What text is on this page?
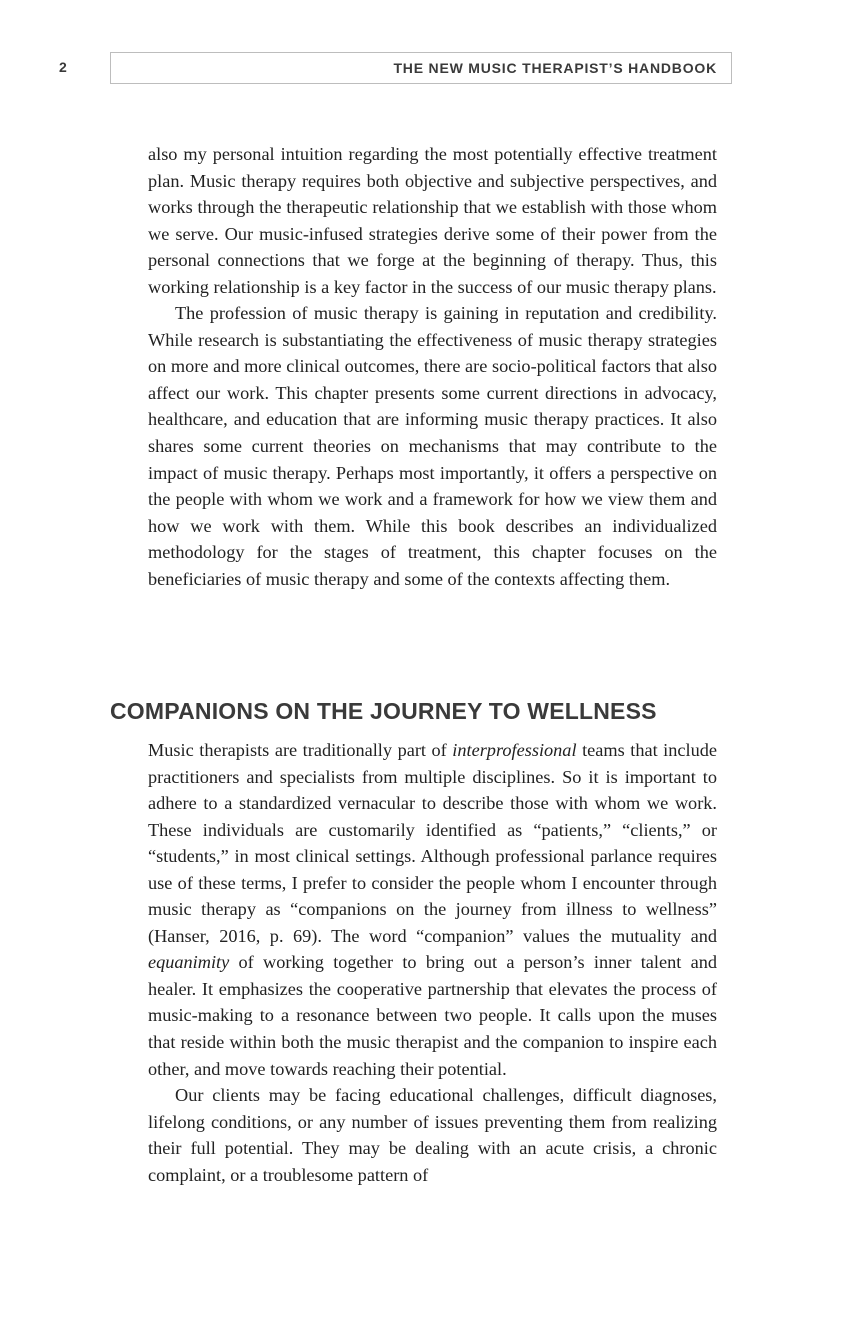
2	THE NEW MUSIC THERAPIST’S HANDBOOK

also my personal intuition regarding the most potentially effective treatment plan. Music therapy requires both objective and subjective perspectives, and works through the therapeutic relationship that we establish with those whom we serve. Our music-infused strategies derive some of their power from the personal connections that we forge at the beginning of therapy. Thus, this working relationship is a key factor in the success of our music therapy plans.

The profession of music therapy is gaining in reputation and credibility. While research is substantiating the effectiveness of music therapy strategies on more and more clinical outcomes, there are socio-political factors that also affect our work. This chapter presents some current directions in advocacy, healthcare, and education that are informing music therapy practices. It also shares some current theories on mechanisms that may contribute to the impact of music therapy. Perhaps most importantly, it offers a perspective on the people with whom we work and a framework for how we view them and how we work with them. While this book describes an individualized methodology for the stages of treatment, this chapter focuses on the beneficiaries of music therapy and some of the contexts affecting them.

COMPANIONS ON THE JOURNEY TO WELLNESS

Music therapists are traditionally part of interprofessional teams that include practitioners and specialists from multiple disciplines. So it is important to adhere to a standardized vernacular to describe those with whom we work. These individuals are customarily identified as “patients,” “clients,” or “students,” in most clinical settings. Although professional parlance requires use of these terms, I prefer to consider the people whom I encounter through music therapy as “companions on the journey from illness to wellness” (Hanser, 2016, p. 69). The word “companion” values the mutuality and equanimity of working together to bring out a person’s inner talent and healer. It emphasizes the cooperative partnership that elevates the process of music-making to a resonance between two people. It calls upon the muses that reside within both the music therapist and the companion to inspire each other, and move towards reaching their potential.

Our clients may be facing educational challenges, difficult diagnoses, lifelong conditions, or any number of issues preventing them from realizing their full potential. They may be dealing with an acute crisis, a chronic complaint, or a troublesome pattern of
